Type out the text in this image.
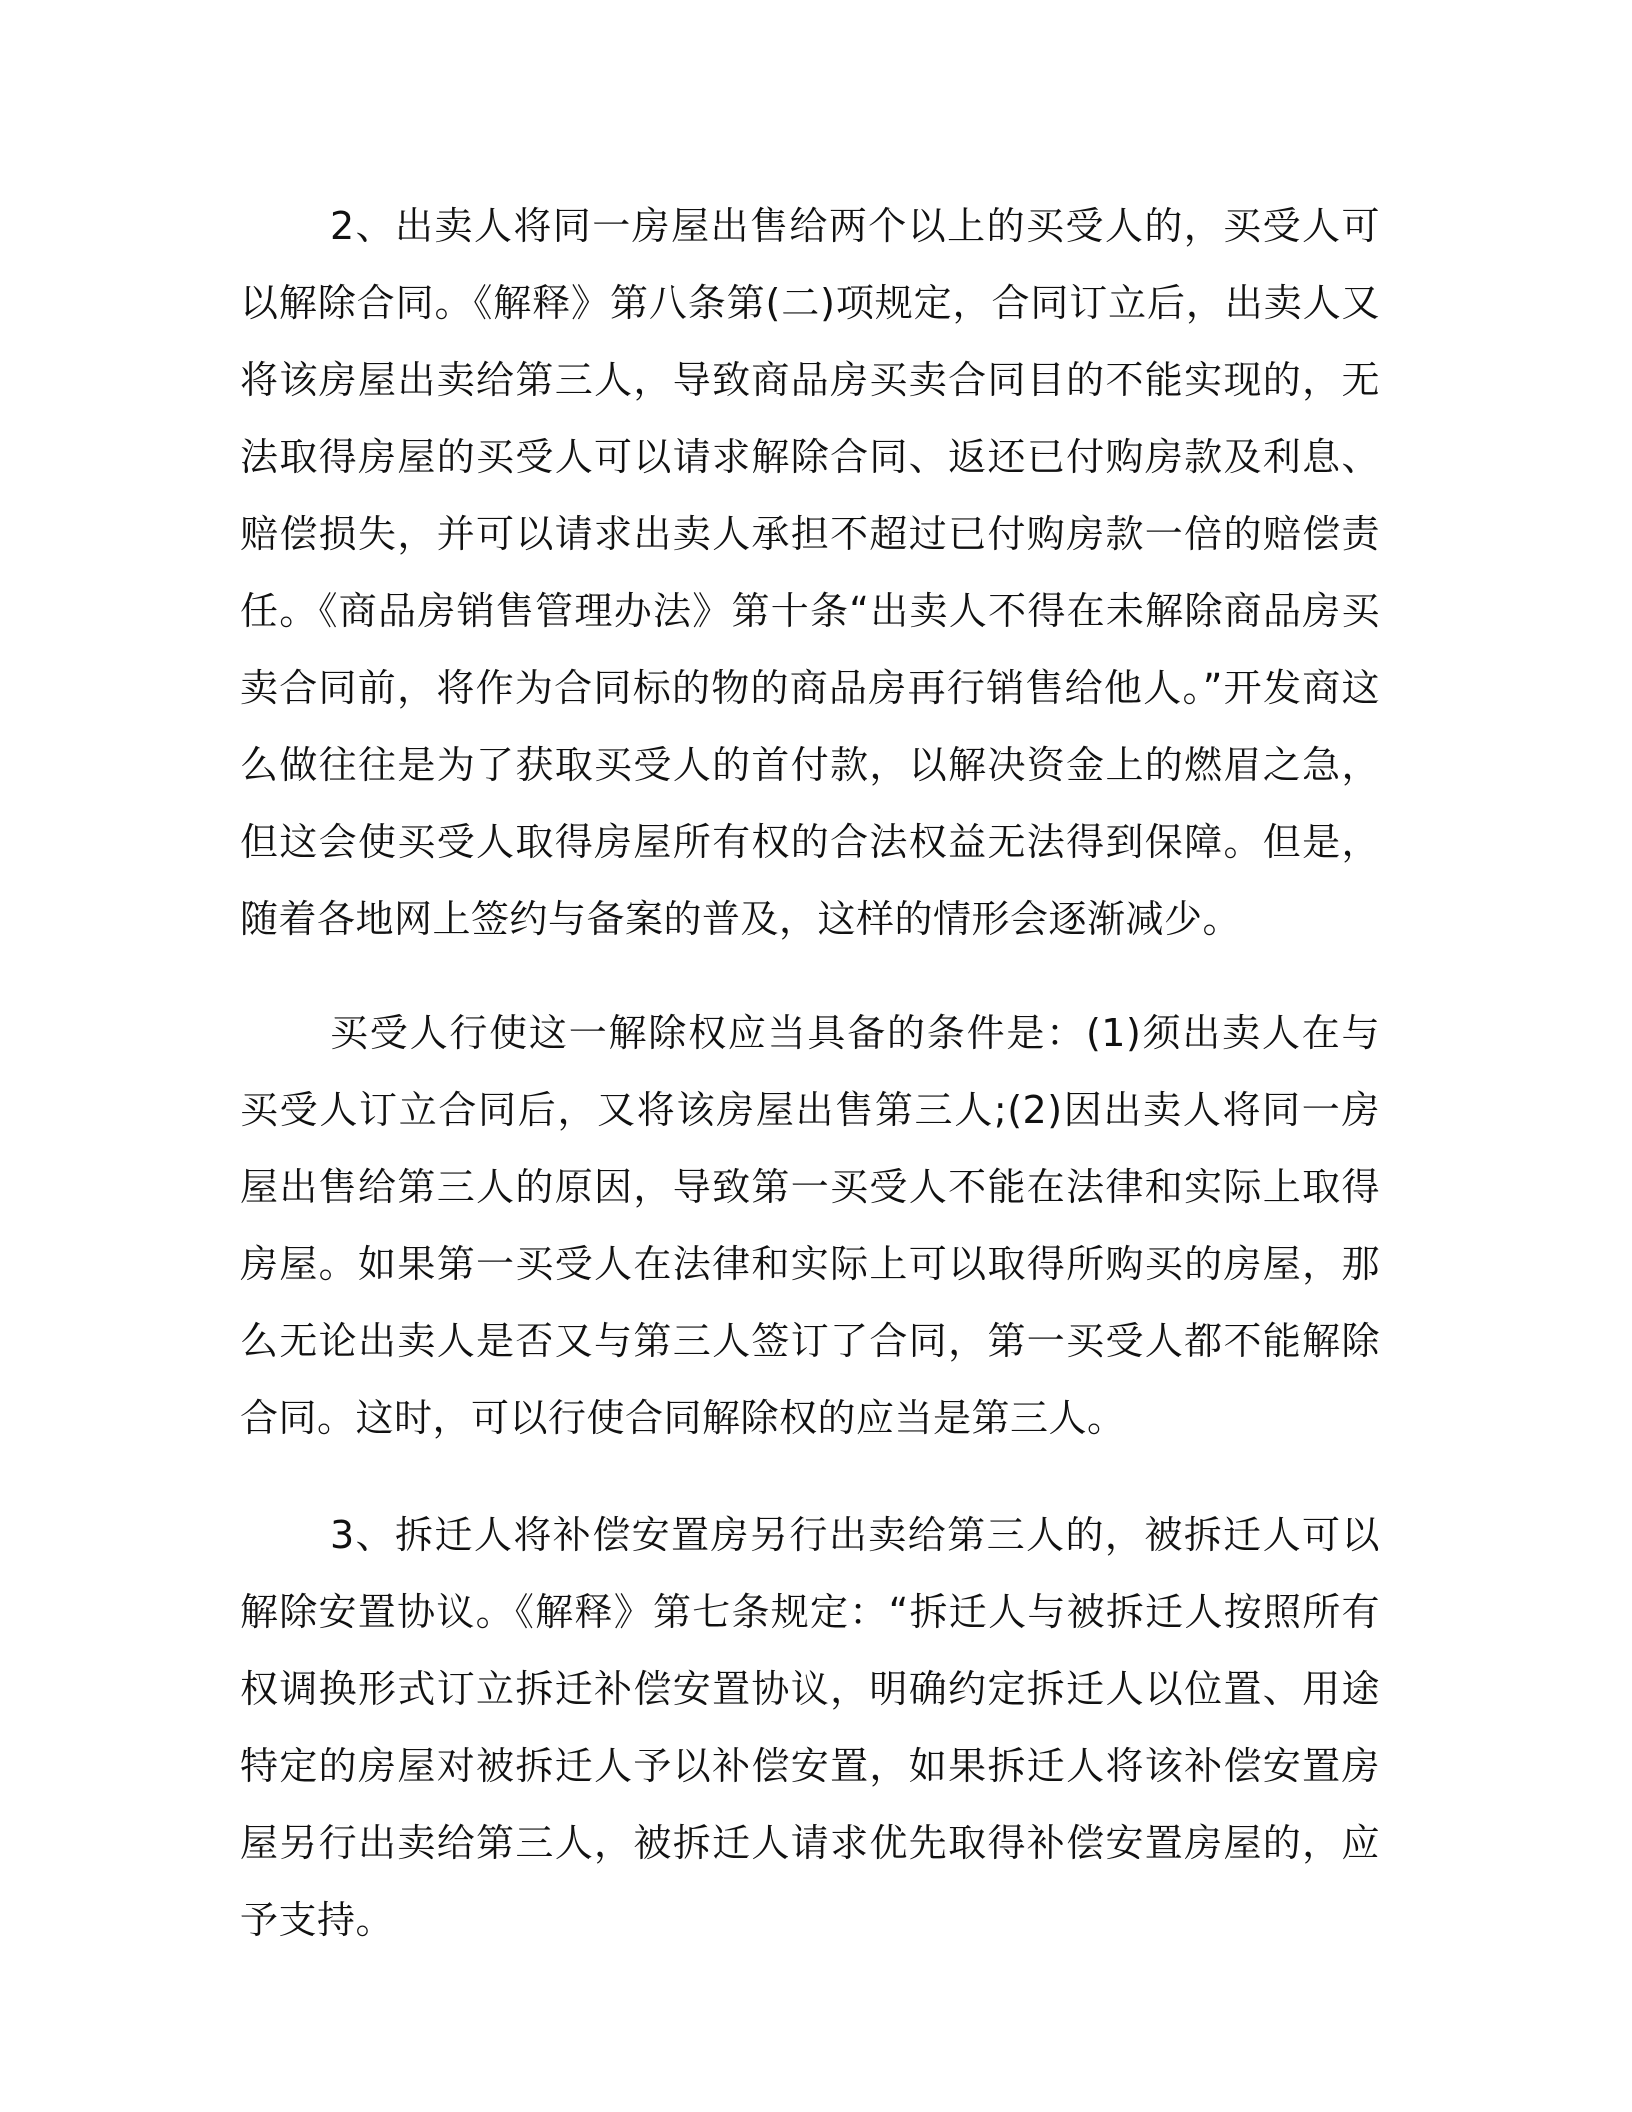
2、出卖人将同一房屋出售给两个以上的买受人的，买受人可以解除合同。《解释》第八条第(二)项规定，合同订立后，出卖人又将该房屋出卖给第三人，导致商品房买卖合同目的不能实现的，无法取得房屋的买受人可以请求解除合同、返还已付购房款及利息、赔偿损失，并可以请求出卖人承担不超过已付购房款一倍的赔偿责任。《商品房销售管理办法》第十条“出卖人不得在未解除商品房买卖合同前，将作为合同标的物的商品房再行销售给他人。”开发商这么做往往是为了获取买受人的首付款，以解决资金上的燃眉之急，但这会使买受人取得房屋所有权的合法权益无法得到保障。但是，随着各地网上签约与备案的普及，这样的情形会逐渐减少。

买受人行使这一解除权应当具备的条件是：(1)须出卖人在与买受人订立合同后，又将该房屋出售第三人;(2)因出卖人将同一房屋出售给第三人的原因，导致第一买受人不能在法律和实际上取得房屋。如果第一买受人在法律和实际上可以取得所购买的房屋，那么无论出卖人是否又与第三人签订了合同，第一买受人都不能解除合同。这时，可以行使合同解除权的应当是第三人。

3、拆迁人将补偿安置房另行出卖给第三人的，被拆迁人可以解除安置协议。《解释》第七条规定：“拆迁人与被拆迁人按照所有权调换形式订立拆迁补偿安置协议，明确约定拆迁人以位置、用途特定的房屋对被拆迁人予以补偿安置，如果拆迁人将该补偿安置房屋另行出卖给第三人，被拆迁人请求优先取得补偿安置房屋的，应予支持。
